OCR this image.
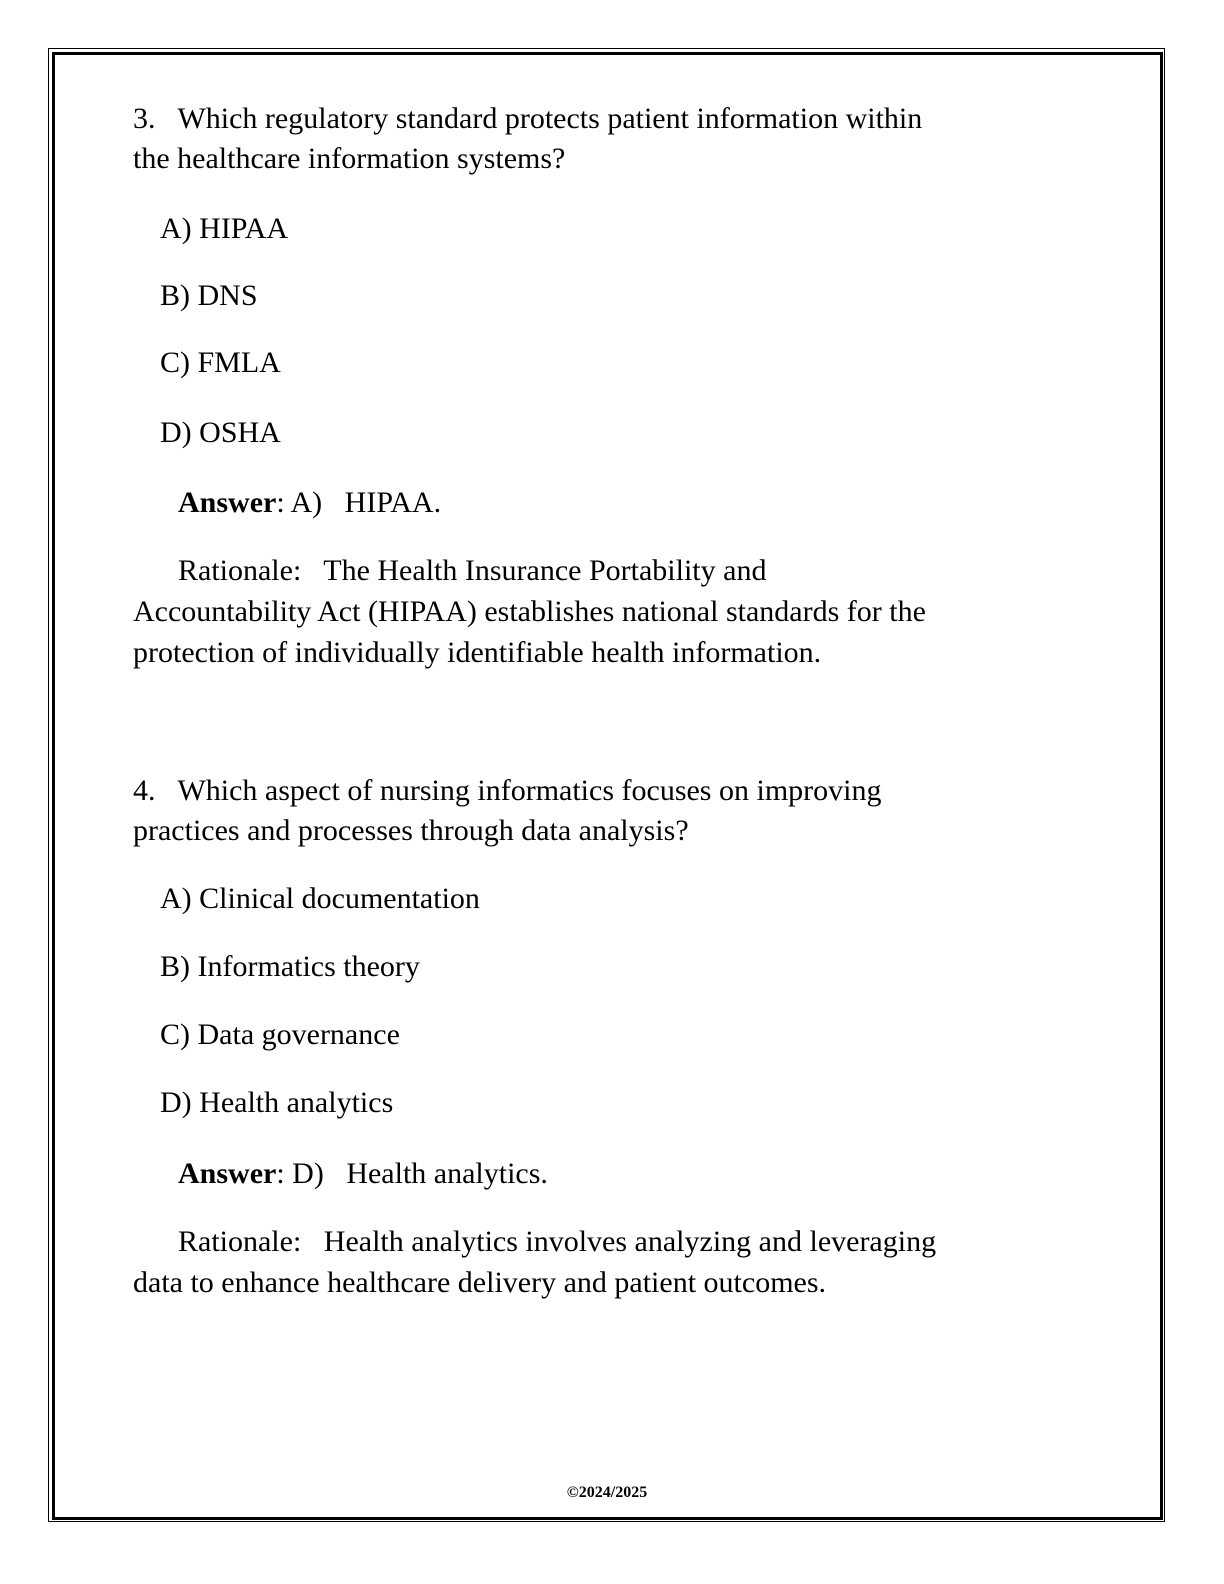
3. Which regulatory standard protects patient information within
the healthcare information systems?
A) HIPAA
B) DNS
C) FMLA
D) OSHA
Answer: A)   HIPAA.
Rationale:   The Health Insurance Portability and
Accountability Act (HIPAA) establishes national standards for the
protection of individually identifiable health information.
4. Which aspect of nursing informatics focuses on improving
practices and processes through data analysis?
A) Clinical documentation
B) Informatics theory
C) Data governance
D) Health analytics
Answer: D)   Health analytics.
Rationale:   Health analytics involves analyzing and leveraging
data to enhance healthcare delivery and patient outcomes.
©2024/2025
